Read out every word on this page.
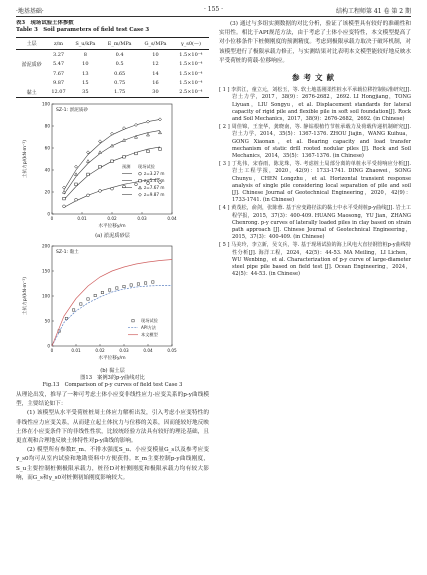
·地基基础·	· 155 ·	结构工程师第 41 卷 第 2 期
表3　现场试验土体参数
Table 3　Soil parameters of field test Case 3
土层	z/m	S_u/kPa	E_m/MPa	G_s/MPa	γ_s0(—)
	3.27	8	0.4	10	1.5×10⁻⁴
淤泥质砂	5.47	10	0.5	12	1.5×10⁻⁴
	7.67	13	0.65	14	1.5×10⁻⁴
	9.87	15	0.75	16	1.5×10⁻⁴
黏土	12.07	35	1.75	30	2.5×10⁻⁴
0	0.01	0.02	0.03	0.04
0
20
40
60
80
100
水平位移y/m
土抗力p/(kN·m⁻¹)
SZ-1: 淤泥质砂
预测 现场试验
z=3.27 m
z=5.47 m
z=7.67 m
z=9.87 m
(a) 淤泥质砂层
0	0.01	0.02	0.03	0.04	0.05
0
50
100
150
200
水平位移y/m
土抗力p/(kN·m⁻¹)
SZ-1: 黏土
现场试验
API方法
本文模型
(b) 黏土层
图13　案例3的p-y曲线对比
Fig.13　Comparison of p-y curves of field test Case 3

从理论出发，推导了一种可考虑土体小应变非线性应力-应变关系的p-y曲线模型，主要结论如下：

(1) 该模型从水平受荷桩桩周土体应力解析出发，引入考虑小应变特性的非线性应力应变关系，从而建立起土体抗力与位移的关系，因而能较好地反映土体在小应变条件下的非线性性状，比较统经验方法具有较好的理论基础，且更直观和合理地反映土体特性对p-y曲线的影响。

(2) 模型所有参数E_m、不排水强度S_u、小应变模量G_s以及参考应变γ_s0均可从室内试验和地勘资料中方便获得。E_m主要控制p-y曲线刚度，S_u主要控制桩侧极限承载力，桩径D对桩侧刚度和极限承载力均有较大影响，而G_s和γ_s0对桩侧初始刚度影响较大。

(3) 通过与多组实测数据的对比分析，验证了该模型具有较好的准确性和实用性。相比于API规范方法，由于考虑了土体小应变特性，本文模型提高了对小位移条件下桩侧刚度的预测精度。考虑到极限承载力取决于破坏机制，对该模型进行了极限承载力修正，与实测结果对比表明本文模型能较好地反映水平受荷桩的荷载-位移响应。

参考文献

[ 1 ] 李洪江，童立元，刘松玉，等. 软土地基刚柔性桩水平承载位移控制标准研究[J]. 岩土力学，2017，38(9)：2676-2682，2692. LI Hongjiang，TONG Liyuan，LIU Songyu，et al. Displacement standards for lateral capacity of rigid pile and flexible pile in soft soil foundation[J]. Rock and Soil Mechanics，2017，38(9)：2676-2682，2692. (in Chinese)

[ 2 ] 周佳锦，王奎华，龚晓南，等. 静钻根植竹节桩承载力及荷载传递机制研究[J]. 岩土力学，2014，35(5)：1367-1376. ZHOU Jiajin，WANG Kuihua，GONG Xiaonan，et al. Bearing capacity and load transfer mechanism of static drill rooted nodular piles [J]. Rock and Soil Mechanics，2014，35(5)：1367-1376. (in Chinese)

[ 3 ] 丁兆伟，宋春雨，陈龙珠，等. 考虑桩土局部分离的单桩水平受荷响应分析[J]. 岩土工程学报，2020，42(9)：1733-1741. DING Zhaowei，SONG Chunyu，CHEN Longzhu，et al. Horizontal transient response analysis of single pile considering local separation of pile and soil [J]. Chinese Journal of Geotechnical Engineering，2020，42(9)：1733-1741. (in Chinese)

[ 4 ] 黄茂松，俞剑，张陈蓉. 基于应变路径法的黏土中水平受荷桩p-y曲线[J]. 岩土工程学报，2015，37(3)：400-409. HUANG Maosong，YU Jian，ZHANG Chenrong. p-y curves of laterally loaded piles in clay based on strain path approach [J]. Chinese Journal of Geotechnical Engineering，2015，37(3)：400-409. (in Chinese)

[ 5 ] 马美玲，李立新，吴文兵，等. 基于现场试验的海上风电大直径钢管桩p-y曲线特性分析[J]. 海洋工程，2024，42(5)：44-53. MA Meiling，LI Lichen，WU Wenbing，et al. Characterization of p-y curve of large-diameter steel pipe pile based on field test [J]. Ocean Engineering，2024，42(5)：44-53. (in Chinese)
